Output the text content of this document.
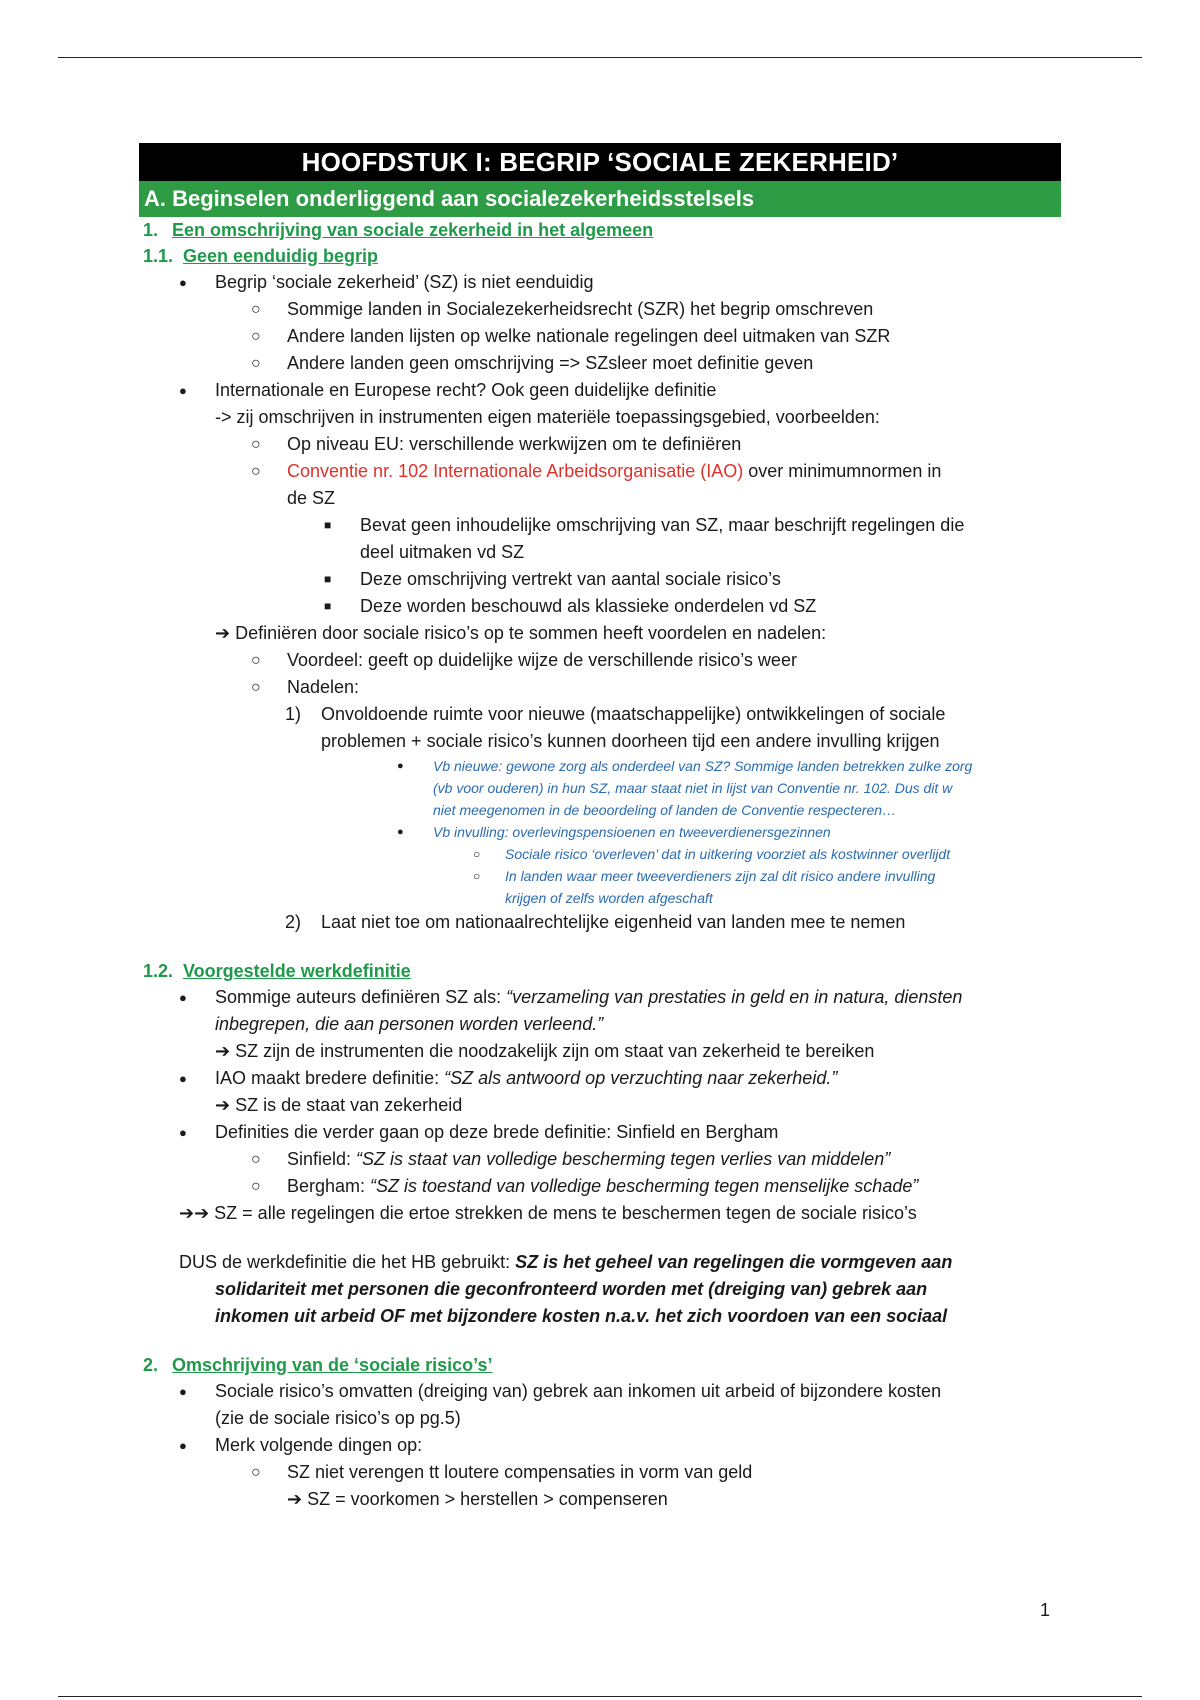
HOOFDSTUK I: BEGRIP ‘SOCIALE ZEKERHEID’
A. Beginselen onderliggend aan socialezekerheidsstelsels
1. Een omschrijving van sociale zekerheid in het algemeen
1.1. Geen eenduidig begrip
● Begrip ‘sociale zekerheid’ (SZ) is niet eenduidig
○ Sommige landen in Socialezekerheidsrecht (SZR) het begrip omschreven
○ Andere landen lijsten op welke nationale regelingen deel uitmaken van SZR
○ Andere landen geen omschrijving => SZsleer moet definitie geven
● Internationale en Europese recht? Ook geen duidelijke definitie
-> zij omschrijven in instrumenten eigen materiële toepassingsgebied, voorbeelden:
○ Op niveau EU: verschillende werkwijzen om te definiëren
○ Conventie nr. 102 Internationale Arbeidsorganisatie (IAO) over minimumnormen in
de SZ
■ Bevat geen inhoudelijke omschrijving van SZ, maar beschrijft regelingen die
deel uitmaken vd SZ
■ Deze omschrijving vertrekt van aantal sociale risico’s
■ Deze worden beschouwd als klassieke onderdelen vd SZ
➔ Definiëren door sociale risico’s op te sommen heeft voordelen en nadelen:
○ Voordeel: geeft op duidelijke wijze de verschillende risico’s weer
○ Nadelen:
1) Onvoldoende ruimte voor nieuwe (maatschappelijke) ontwikkelingen of sociale
problemen + sociale risico’s kunnen doorheen tijd een andere invulling krijgen
● Vb nieuwe: gewone zorg als onderdeel van SZ? Sommige landen betrekken zulke zorg
(vb voor ouderen) in hun SZ, maar staat niet in lijst van Conventie nr. 102. Dus dit w
niet meegenomen in de beoordeling of landen de Conventie respecteren…
● Vb invulling: overlevingspensioenen en tweeverdienersgezinnen
○ Sociale risico ‘overleven’ dat in uitkering voorziet als kostwinner overlijdt
○ In landen waar meer tweeverdieners zijn zal dit risico andere invulling
krijgen of zelfs worden afgeschaft
2) Laat niet toe om nationaalrechtelijke eigenheid van landen mee te nemen
1.2. Voorgestelde werkdefinitie
● Sommige auteurs definiëren SZ als: “verzameling van prestaties in geld en in natura, diensten
inbegrepen, die aan personen worden verleend.”
➔ SZ zijn de instrumenten die noodzakelijk zijn om staat van zekerheid te bereiken
● IAO maakt bredere definitie: “SZ als antwoord op verzuchting naar zekerheid.”
➔ SZ is de staat van zekerheid
● Definities die verder gaan op deze brede definitie: Sinfield en Bergham
○ Sinfield: “SZ is staat van volledige bescherming tegen verlies van middelen”
○ Bergham: “SZ is toestand van volledige bescherming tegen menselijke schade”
➔➔ SZ = alle regelingen die ertoe strekken de mens te beschermen tegen de sociale risico’s
DUS de werkdefinitie die het HB gebruikt: SZ is het geheel van regelingen die vormgeven aan
solidariteit met personen die geconfronteerd worden met (dreiging van) gebrek aan
inkomen uit arbeid OF met bijzondere kosten n.a.v. het zich voordoen van een sociaal
2. Omschrijving van de ‘sociale risico’s’
● Sociale risico’s omvatten (dreiging van) gebrek aan inkomen uit arbeid of bijzondere kosten
(zie de sociale risico’s op pg.5)
● Merk volgende dingen op:
○ SZ niet verengen tt loutere compensaties in vorm van geld
➔ SZ = voorkomen > herstellen > compenseren
1
